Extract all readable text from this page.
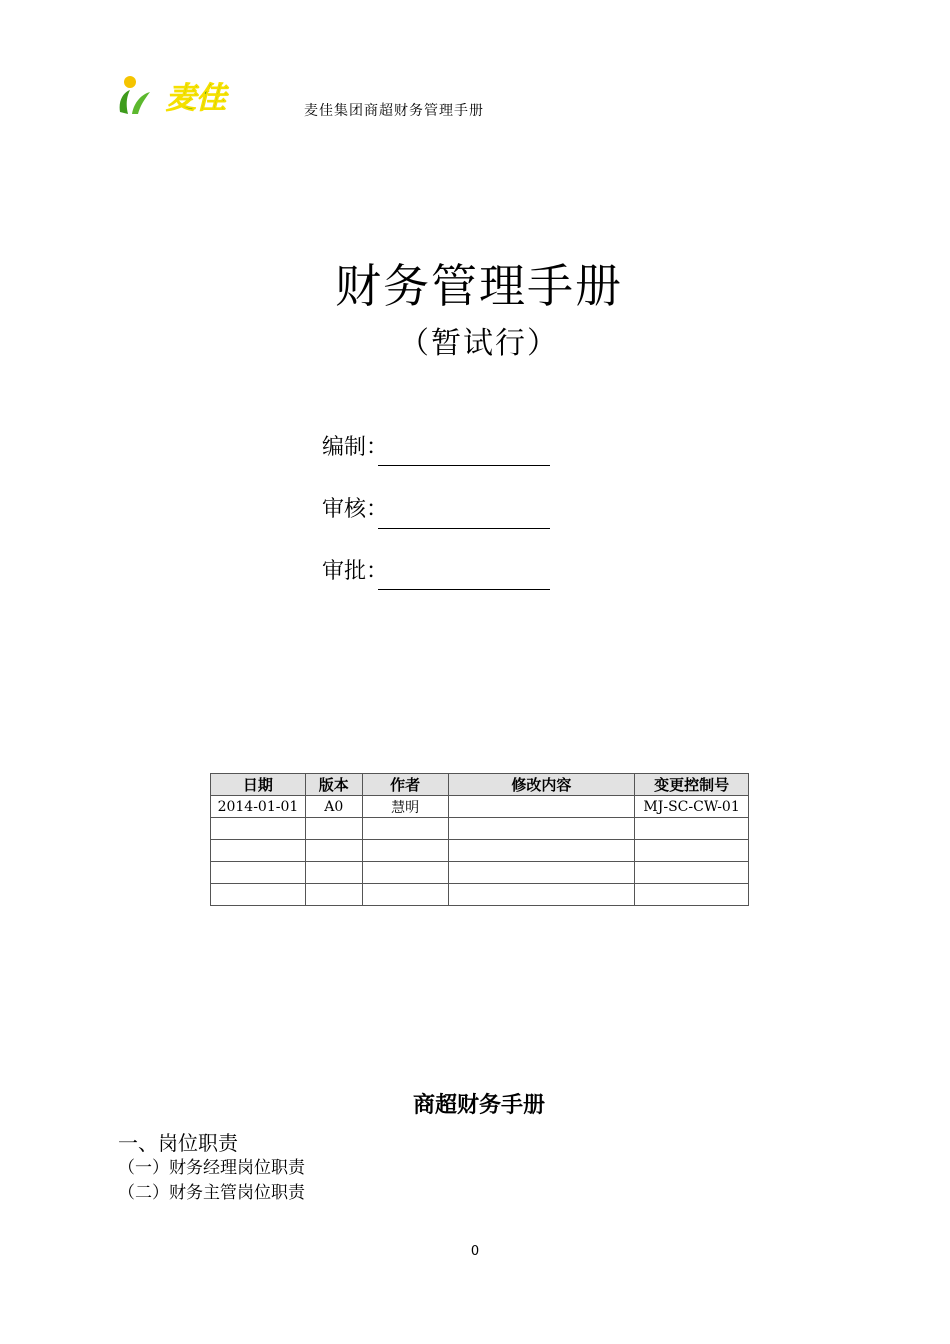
麦佳	麦佳集团商超财务管理手册
财务管理手册
（暂试行）
编制：
审核：
审批：
日期	版本	作者	修改内容	变更控制号
2014-01-01	A0	慧明		MJ-SC-CW-01

商超财务手册
一、岗位职责
（一）财务经理岗位职责
（二）财务主管岗位职责
0
